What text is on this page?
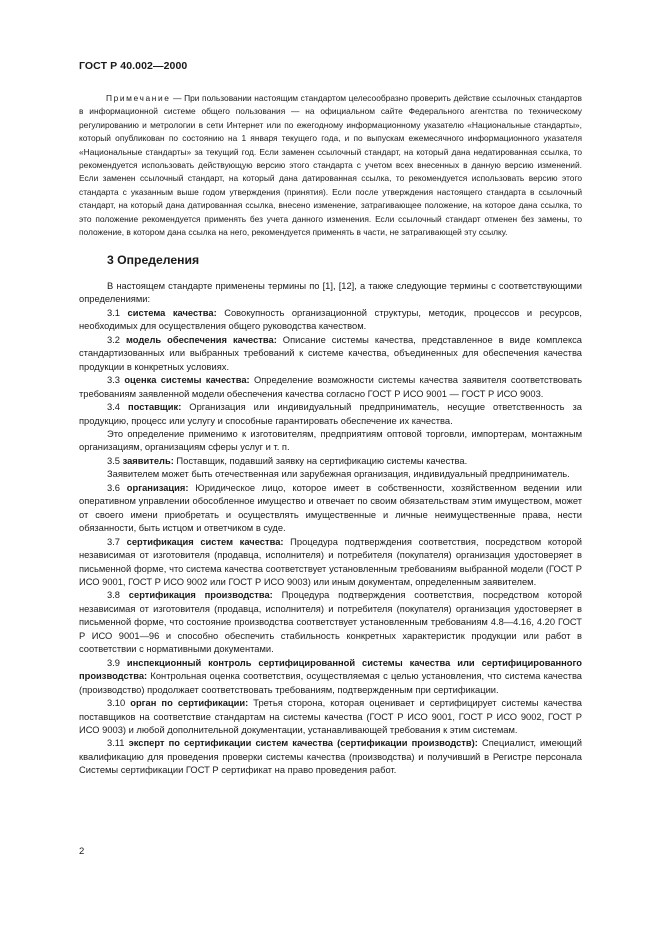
ГОСТ Р 40.002—2000

Примечание — При пользовании настоящим стандартом целесообразно проверить действие ссылочных стандартов в информационной системе общего пользования — на официальном сайте Федерального агентства по техническому регулированию и метрологии в сети Интернет или по ежегодному информационному указателю «Национальные стандарты», который опубликован по состоянию на 1 января текущего года, и по выпускам ежемесячного информационного указателя «Национальные стандарты» за текущий год. Если заменен ссылочный стандарт, на который дана недатированная ссылка, то рекомендуется использовать действующую версию этого стандарта с учетом всех внесенных в данную версию изменений. Если заменен ссылочный стандарт, на который дана датированная ссылка, то рекомендуется использовать версию этого стандарта с указанным выше годом утверждения (принятия). Если после утверждения настоящего стандарта в ссылочный стандарт, на который дана датированная ссылка, внесено изменение, затрагивающее положение, на которое дана ссылка, то это положение рекомендуется применять без учета данного изменения. Если ссылочный стандарт отменен без замены, то положение, в котором дана ссылка на него, рекомендуется применять в части, не затрагивающей эту ссылку.

3 Определения

В настоящем стандарте применены термины по [1], [12], а также следующие термины с соответствующими определениями:

3.1 система качества: Совокупность организационной структуры, методик, процессов и ресурсов, необходимых для осуществления общего руководства качеством.

3.2 модель обеспечения качества: Описание системы качества, представленное в виде комплекса стандартизованных или выбранных требований к системе качества, объединенных для обеспечения качества продукции в конкретных условиях.

3.3 оценка системы качества: Определение возможности системы качества заявителя соответствовать требованиям заявленной модели обеспечения качества согласно ГОСТ Р ИСО 9001 — ГОСТ Р ИСО 9003.

3.4 поставщик: Организация или индивидуальный предприниматель, несущие ответственность за продукцию, процесс или услугу и способные гарантировать обеспечение их качества.

Это определение применимо к изготовителям, предприятиям оптовой торговли, импортерам, монтажным организациям, организациям сферы услуг и т. п.

3.5 заявитель: Поставщик, подавший заявку на сертификацию системы качества.

Заявителем может быть отечественная или зарубежная организация, индивидуальный предприниматель.

3.6 организация: Юридическое лицо, которое имеет в собственности, хозяйственном ведении или оперативном управлении обособленное имущество и отвечает по своим обязательствам этим имуществом, может от своего имени приобретать и осуществлять имущественные и личные неимущественные права, нести обязанности, быть истцом и ответчиком в суде.

3.7 сертификация систем качества: Процедура подтверждения соответствия, посредством которой независимая от изготовителя (продавца, исполнителя) и потребителя (покупателя) организация удостоверяет в письменной форме, что система качества соответствует установленным требованиям выбранной модели (ГОСТ Р ИСО 9001, ГОСТ Р ИСО 9002 или ГОСТ Р ИСО 9003) или иным документам, определенным заявителем.

3.8 сертификация производства: Процедура подтверждения соответствия, посредством которой независимая от изготовителя (продавца, исполнителя) и потребителя (покупателя) организация удостоверяет в письменной форме, что состояние производства соответствует установленным требованиям 4.8—4.16, 4.20 ГОСТ Р ИСО 9001—96 и способно обеспечить стабильность конкретных характеристик продукции или работ в соответствии с нормативными документами.

3.9 инспекционный контроль сертифицированной системы качества или сертифицированного производства: Контрольная оценка соответствия, осуществляемая с целью установления, что система качества (производство) продолжает соответствовать требованиям, подтвержденным при сертификации.

3.10 орган по сертификации: Третья сторона, которая оценивает и сертифицирует системы качества поставщиков на соответствие стандартам на системы качества (ГОСТ Р ИСО 9001, ГОСТ Р ИСО 9002, ГОСТ Р ИСО 9003) и любой дополнительной документации, устанавливающей требования к этим системам.

3.11 эксперт по сертификации систем качества (сертификации производств): Специалист, имеющий квалификацию для проведения проверки системы качества (производства) и получивший в Регистре персонала Системы сертификации ГОСТ Р сертификат на право проведения работ.

2
